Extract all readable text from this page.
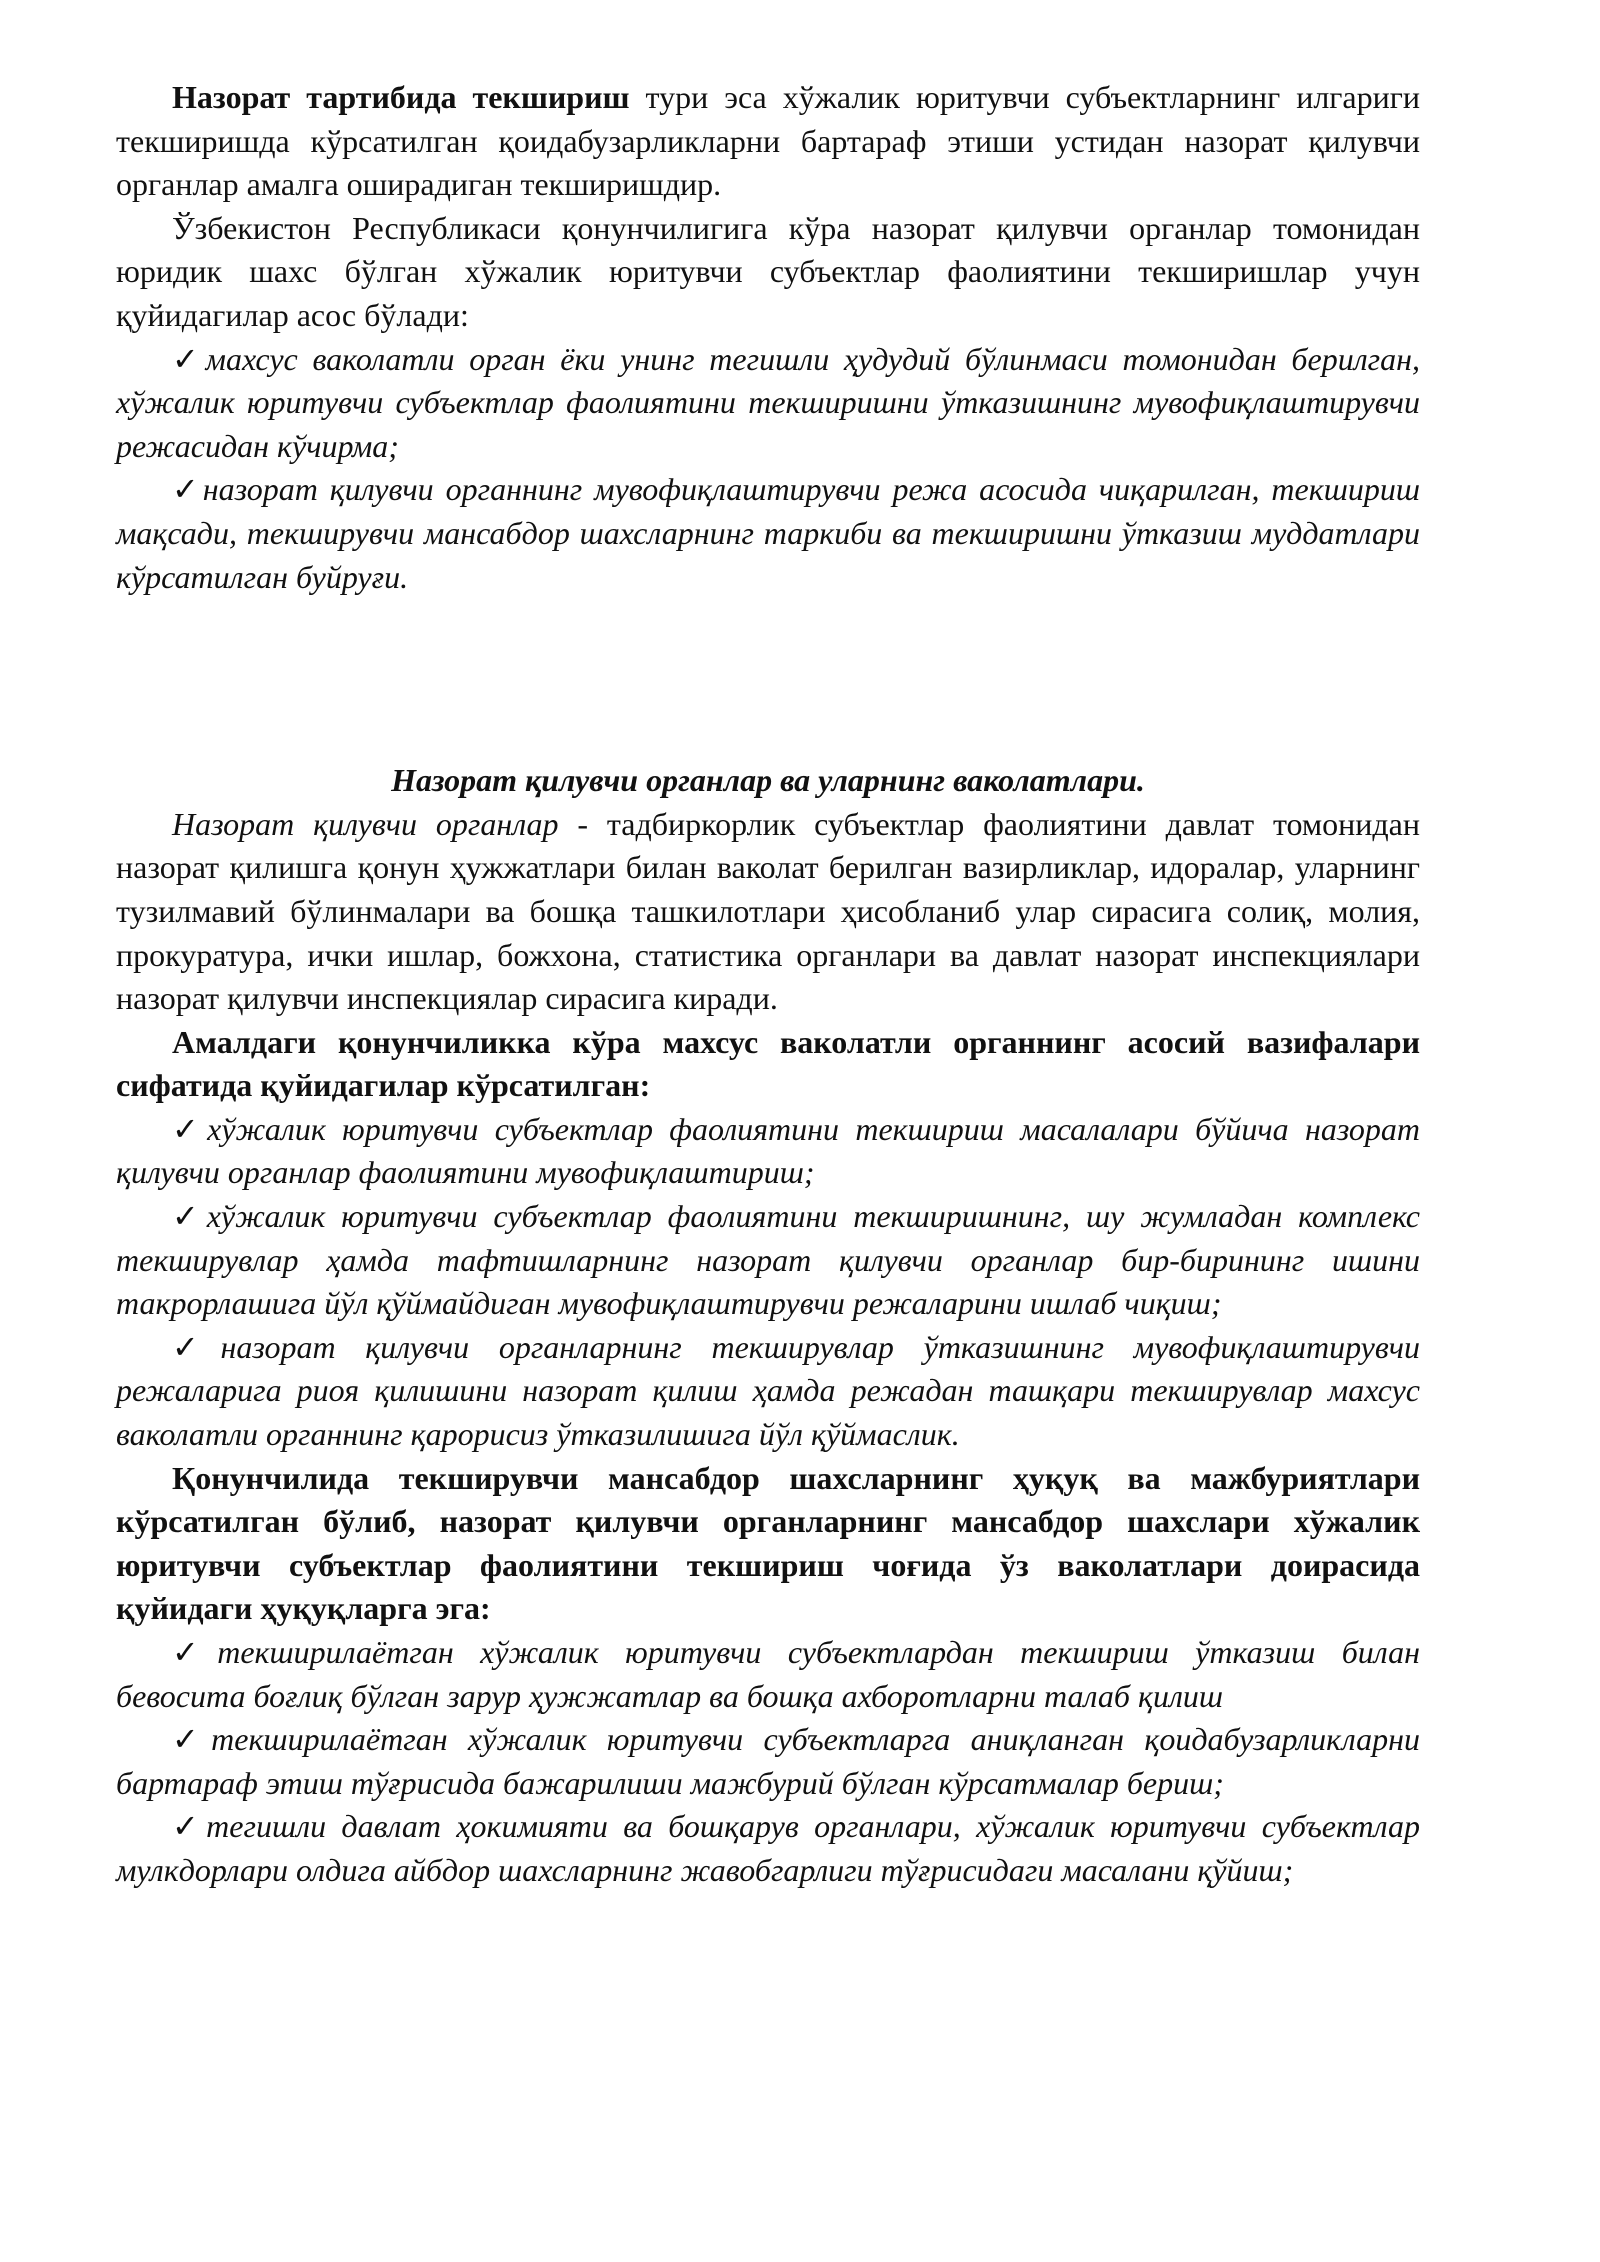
Назорат тартибида текшириш тури эса хўжалик юритувчи субъектларнинг илгариги текширишда кўрсатилган қоидабузарликларни бартараф этиши устидан назорат қилувчи органлар амалга оширадиган текширишдир.

Ўзбекистон Республикаси қонунчилигига кўра назорат қилувчи органлар томонидан юридик шахс бўлган хўжалик юритувчи субъектлар фаолиятини текширишлар учун қуйидагилар асос бўлади:

✓махсус ваколатли орган ёки унинг тегишли ҳудудий бўлинмаси томонидан берилган, хўжалик юритувчи субъектлар фаолиятини текширишни ўтказишнинг мувофиқлаштирувчи режасидан кўчирма;

✓назорат қилувчи органнинг мувофиқлаштирувчи режа асосида чиқарилган, текшириш мақсади, текширувчи мансабдор шахсларнинг таркиби ва текширишни ўтказиш муддатлари кўрсатилган буйруғи.

Назорат қилувчи органлар ва уларнинг ваколатлари.

Назорат қилувчи органлар - тадбиркорлик субъектлар фаолиятини давлат томонидан назорат қилишга қонун ҳужжатлари билан ваколат берилган вазирликлар, идоралар, уларнинг тузилмавий бўлинмалари ва бошқа ташкилотлари ҳисобланиб улар сирасига солиқ, молия, прокуратура, ички ишлар, божхона, статистика органлари ва давлат назорат инспекциялари назорат қилувчи инспекциялар сирасига киради.

Амалдаги қонунчиликка кўра махсус ваколатли органнинг асосий вазифалари сифатида қуйидагилар кўрсатилган:

✓хўжалик юритувчи субъектлар фаолиятини текшириш масалалари бўйича назорат қилувчи органлар фаолиятини мувофиқлаштириш;

✓хўжалик юритувчи субъектлар фаолиятини текширишнинг, шу жумладан комплекс текширувлар ҳамда тафтишларнинг назорат қилувчи органлар бир-бирининг ишини такрорлашига йўл қўймайдиган мувофиқлаштирувчи режаларини ишлаб чиқиш;

✓назорат қилувчи органларнинг текширувлар ўтказишнинг мувофиқлаштирувчи режаларига риоя қилишини назорат қилиш ҳамда режадан ташқари текширувлар махсус ваколатли органнинг қарорисиз ўтказилишига йўл қўймаслик.

Қонунчилида текширувчи мансабдор шахсларнинг ҳуқуқ ва мажбуриятлари кўрсатилган бўлиб, назорат қилувчи органларнинг мансабдор шахслари хўжалик юритувчи субъектлар фаолиятини текшириш чоғида ўз ваколатлари доирасида қуйидаги ҳуқуқларга эга:

✓текширилаётган хўжалик юритувчи субъектлардан текшириш ўтказиш билан бевосита боғлиқ бўлган зарур ҳужжатлар ва бошқа ахборотларни талаб қилиш

✓текширилаётган хўжалик юритувчи субъектларга аниқланган қоидабузарликларни бартараф этиш тўғрисида бажарилиши мажбурий бўлган кўрсатмалар бериш;

✓тегишли давлат ҳокимияти ва бошқарув органлари, хўжалик юритувчи субъектлар мулкдорлари олдига айбдор шахсларнинг жавобгарлиги тўғрисидаги масалани қўйиш;
